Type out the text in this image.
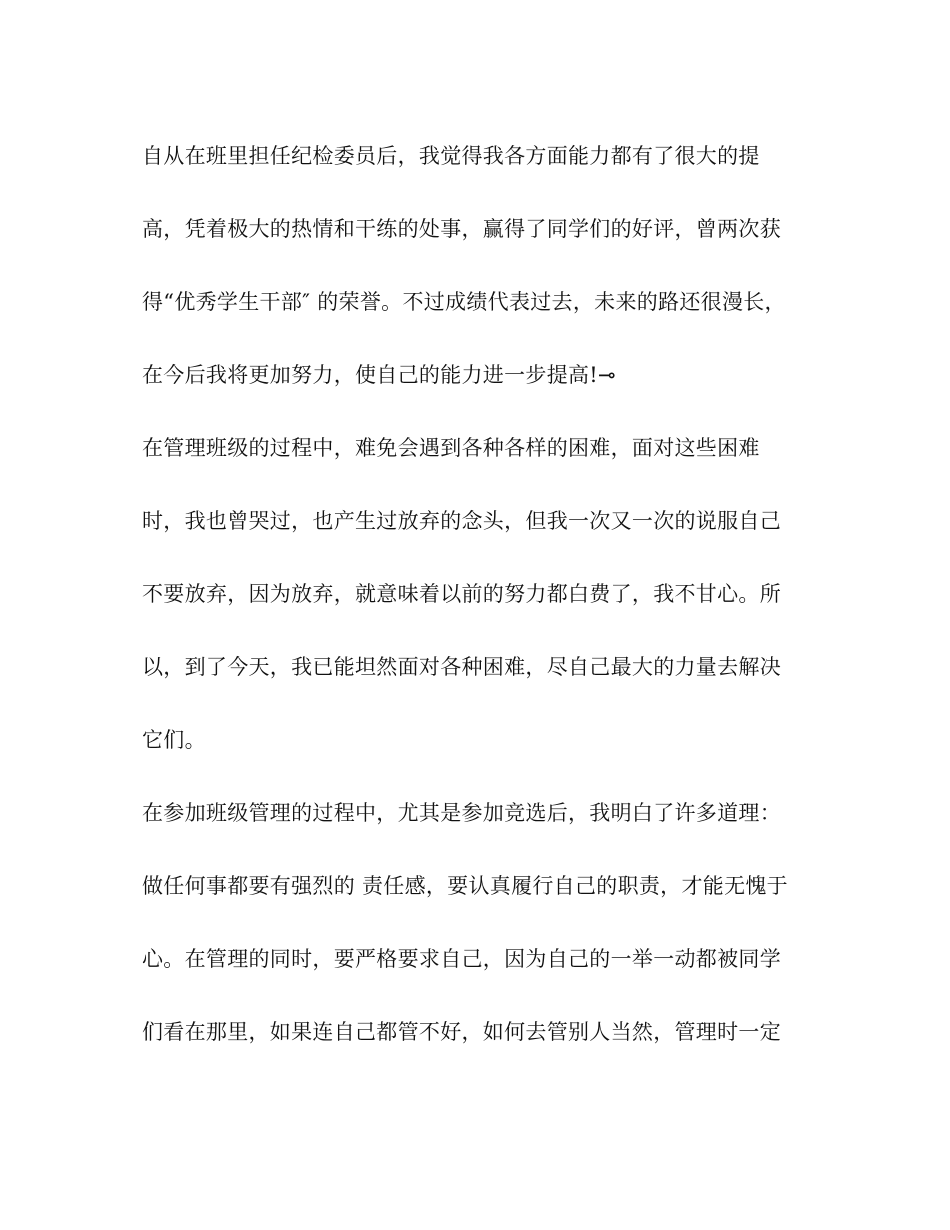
自从在班里担任纪检委员后，我觉得我各方面能力都有了很大的提
高，凭着极大的热情和干练的处事，赢得了同学们的好评，曾两次获
得“优秀学生干部″ 的荣誉。不过成绩代表过去，未来的路还很漫长，
在今后我将更加努力，使自己的能力进一步提高!⊸
在管理班级的过程中，难免会遇到各种各样的困难，面对这些困难
时，我也曾哭过，也产生过放弃的念头，但我一次又一次的说服自己
不要放弃，因为放弃，就意味着以前的努力都白费了，我不甘心。所
以，到了今天，我已能坦然面对各种困难，尽自己最大的力量去解决
它们。
在参加班级管理的过程中，尤其是参加竞选后，我明白了许多道理：
做任何事都要有强烈的 责任感，要认真履行自己的职责，才能无愧于
心。在管理的同时，要严格要求自己，因为自己的一举一动都被同学
们看在那里，如果连自己都管不好，如何去管别人当然，管理时一定
